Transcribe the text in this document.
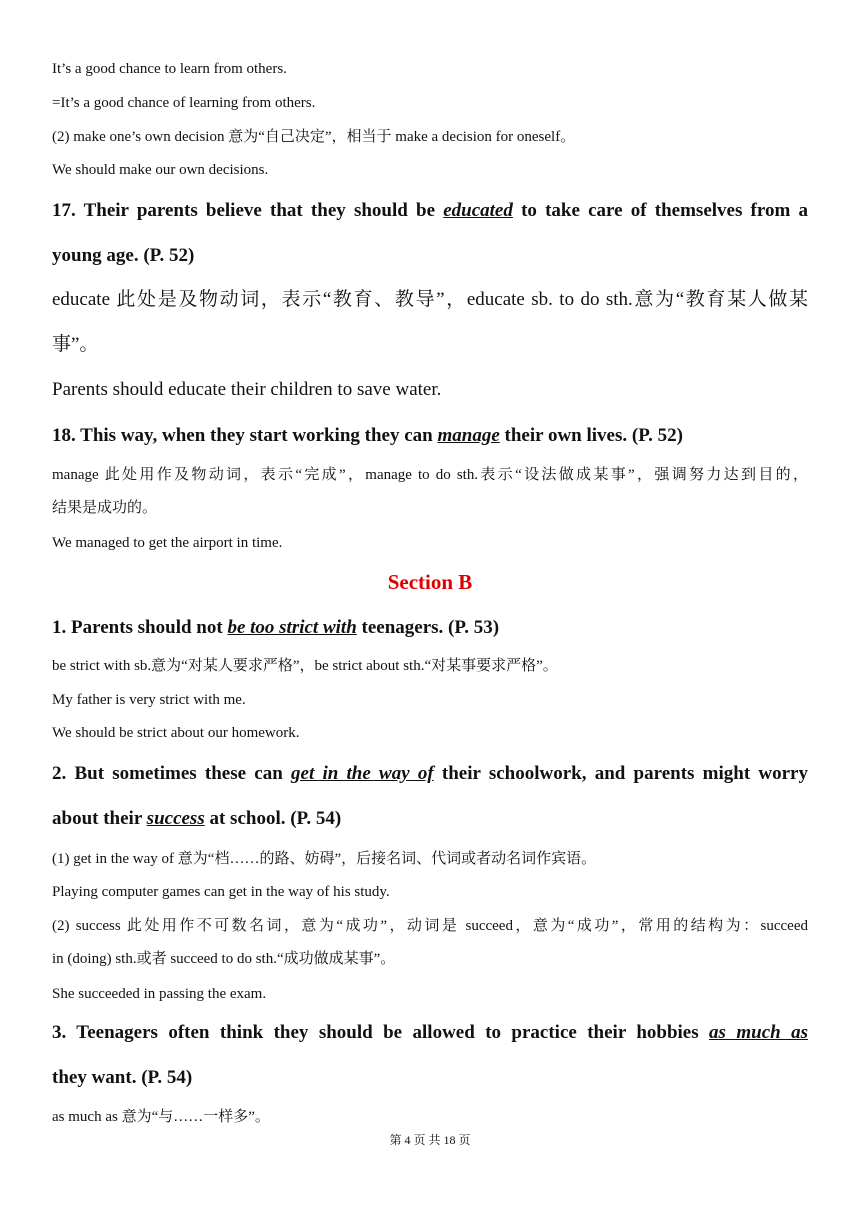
It’s a good chance to learn from others.
=It’s a good chance of learning from others.
(2) make one’s own decision 意为“自己决定”，相当于 make a decision for oneself。
We should make our own decisions.
17. Their parents believe that they should be educated to take care of themselves from a
young age. (P. 52)
educate 此处是及物动词，表示“教育、教导”，educate sb. to do sth.意为“教育某人做某
事”。
Parents should educate their children to save water.
18. This way, when they start working they can manage their own lives. (P. 52)
manage 此处用作及物动词，表示“完成”，manage to do sth.表示“设法做成某事”，强调努力达到目的，
结果是成功的。
We managed to get the airport in time.
Section B
1. Parents should not be too strict with teenagers. (P. 53)
be strict with sb.意为“对某人要求严格”，be strict about sth.“对某事要求严格”。
My father is very strict with me.
We should be strict about our homework.
2. But sometimes these can get in the way of their schoolwork, and parents might worry
about their success at school. (P. 54)
(1) get in the way of 意为“档……的路、妨碍”，后接名词、代词或者动名词作宾语。
Playing computer games can get in the way of his study.
(2) success 此处用作不可数名词，意为“成功”，动词是 succeed，意为“成功”，常用的结构为：succeed
in (doing) sth.或者 succeed to do sth.“成功做成某事”。
She succeeded in passing the exam.
3. Teenagers often think they should be allowed to practice their hobbies as much as
they want. (P. 54)
as much as 意为“与……一样多”。
第 4 页 共 18 页
